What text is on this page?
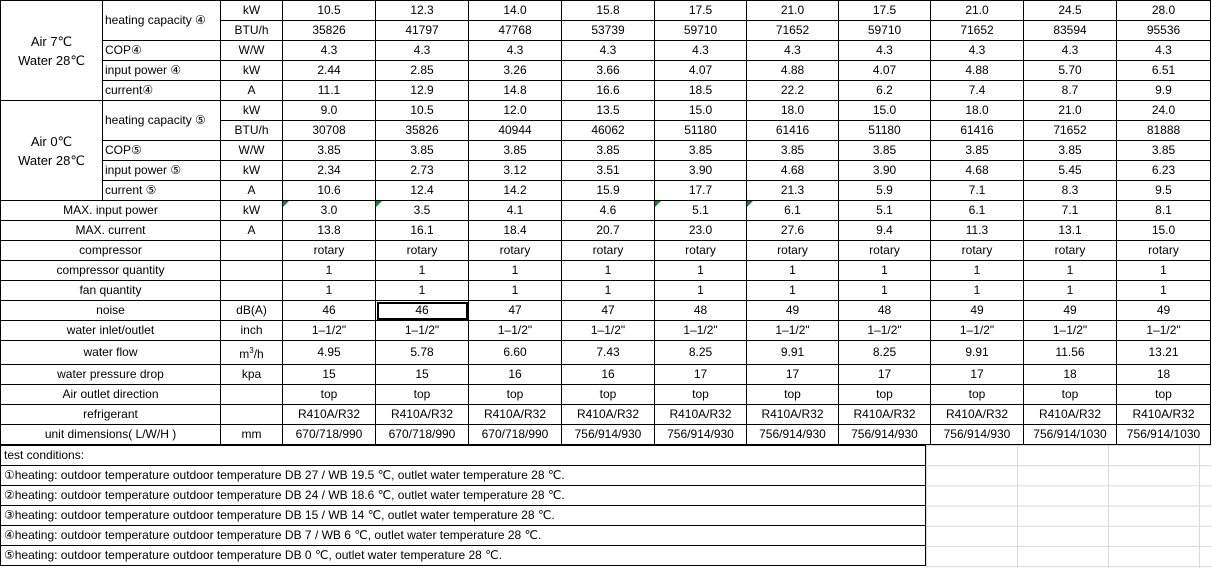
Air 7℃
Water 28℃	heating capacity ④	kW	10.5	12.3	14.0	15.8	17.5	21.0	17.5	21.0	24.5	28.0
		BTU/h	35826	41797	47768	53739	59710	71652	59710	71652	83594	95536
	COP④	W/W	4.3	4.3	4.3	4.3	4.3	4.3	4.3	4.3	4.3	4.3
	input power ④	kW	2.44	2.85	3.26	3.66	4.07	4.88	4.07	4.88	5.70	6.51
	current④	A	11.1	12.9	14.8	16.6	18.5	22.2	6.2	7.4	8.7	9.9

Air 0℃
Water 28℃	heating capacity ⑤	kW	9.0	10.5	12.0	13.5	15.0	18.0	15.0	18.0	21.0	24.0
		BTU/h	30708	35826	40944	46062	51180	61416	51180	61416	71652	81888
	COP⑤	W/W	3.85	3.85	3.85	3.85	3.85	3.85	3.85	3.85	3.85	3.85
	input power ⑤	kW	2.34	2.73	3.12	3.51	3.90	4.68	3.90	4.68	5.45	6.23
	current ⑤	A	10.6	12.4	14.2	15.9	17.7	21.3	5.9	7.1	8.3	9.5
MAX. input power		kW	3.0	3.5	4.1	4.6	5.1	6.1	5.1	6.1	7.1	8.1
MAX. current		A	13.8	16.1	18.4	20.7	23.0	27.6	9.4	11.3	13.1	15.0
compressor			rotary	rotary	rotary	rotary	rotary	rotary	rotary	rotary	rotary	rotary
compressor quantity			1	1	1	1	1	1	1	1	1	1
fan quantity			1	1	1	1	1	1	1	1	1	1
noise		dB(A)	46	46	47	47	48	49	48	49	49	49
water inlet/outlet		inch	1–1/2"	1–1/2"	1–1/2"	1–1/2"	1–1/2"	1–1/2"	1–1/2"	1–1/2"	1–1/2"	1–1/2"
water flow		$m^3/h$	4.95	5.78	6.60	7.43	8.25	9.91	8.25	9.91	11.56	13.21
water pressure drop		kpa	15	15	16	16	17	17	17	17	18	18
Air outlet direction			top	top	top	top	top	top	top	top	top	top
refrigerant			R410A/R32	R410A/R32	R410A/R32	R410A/R32	R410A/R32	R410A/R32	R410A/R32	R410A/R32	R410A/R32	R410A/R32
unit dimensions( L/W/H )		mm	670/718/990	670/718/990	670/718/990	756/914/930	756/914/930	756/914/930	756/914/930	756/914/930	756/914/1030	756/914/1030
test conditions:
①heating: outdoor temperature outdoor temperature DB 27 / WB 19.5 ℃, outlet water temperature 28 ℃.
②heating: outdoor temperature outdoor temperature DB 24 / WB 18.6 ℃, outlet water temperature 28 ℃.
③heating: outdoor temperature outdoor temperature DB 15 / WB 14 ℃, outlet water temperature 28 ℃.
④heating: outdoor temperature outdoor temperature DB 7 / WB 6 ℃, outlet water temperature 28 ℃.
⑤heating: outdoor temperature outdoor temperature DB 0 ℃, outlet water temperature 28 ℃.
